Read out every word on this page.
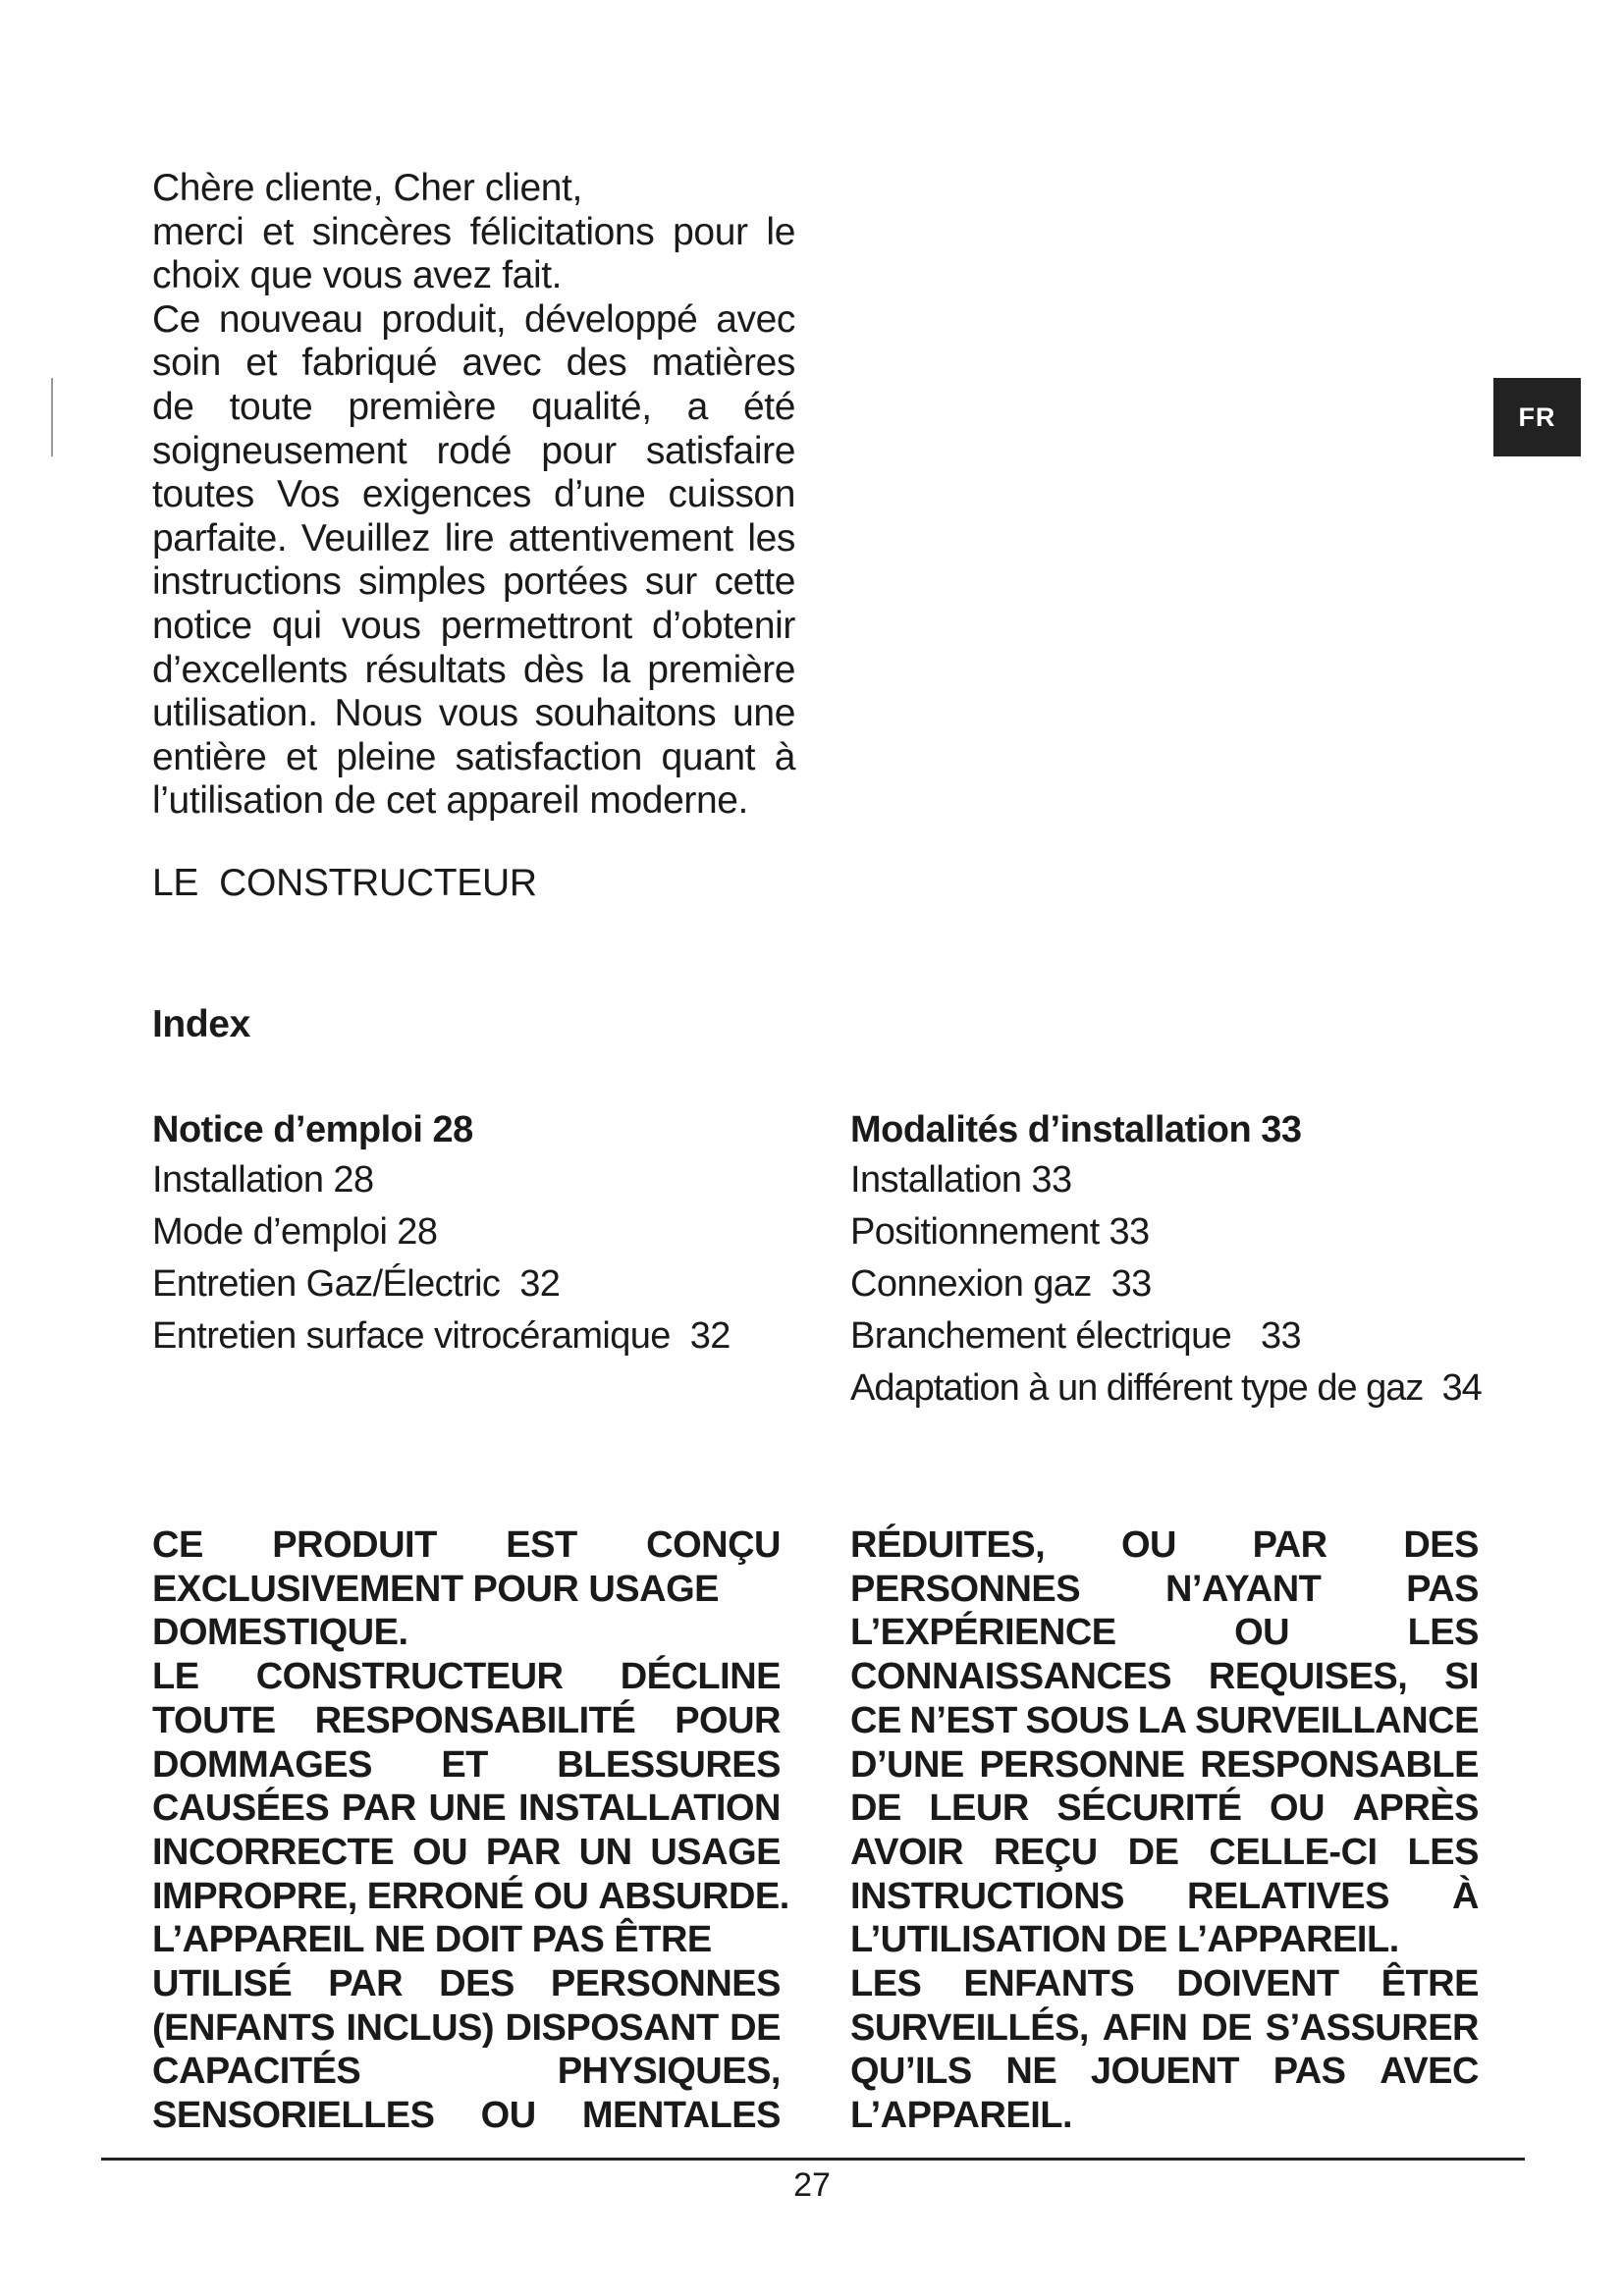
FR
Chère cliente, Cher client,
merci et sincères félicitations pour le
choix que vous avez fait.
Ce nouveau produit, développé avec
soin et fabriqué avec des matières
de toute première qualité, a été
soigneusement rodé pour satisfaire
toutes Vos exigences d’une cuisson
parfaite. Veuillez lire attentivement les
instructions simples portées sur cette
notice qui vous permettront d’obtenir
d’excellents résultats dès la première
utilisation. Nous vous souhaitons une
entière et pleine satisfaction quant à
l’utilisation de cet appareil moderne.
LE  CONSTRUCTEUR
Index
Notice d’emploi 28
Installation 28
Mode d’emploi 28
Entretien Gaz/Électric  32
Entretien surface vitrocéramique  32
Modalités d’installation 33
Installation 33
Positionnement 33
Connexion gaz  33
Branchement électrique   33
Adaptation à un différent type de gaz  34
CE PRODUIT EST CONÇU
EXCLUSIVEMENT POUR USAGE
DOMESTIQUE.
LE CONSTRUCTEUR DÉCLINE
TOUTE RESPONSABILITÉ POUR
DOMMAGES ET BLESSURES
CAUSÉES PAR UNE INSTALLATION
INCORRECTE OU PAR UN USAGE
IMPROPRE, ERRONÉ OU ABSURDE.
L’APPAREIL NE DOIT PAS ÊTRE
UTILISÉ PAR DES PERSONNES
(ENFANTS INCLUS) DISPOSANT DE
CAPACITÉS	PHYSIQUES,
SENSORIELLES OU MENTALES
RÉDUITES, OU PAR DES
PERSONNES N’AYANT PAS
L’EXPÉRIENCE	OU	LES
CONNAISSANCES REQUISES, SI
CE N’EST SOUS LA SURVEILLANCE
D’UNE PERSONNE RESPONSABLE
DE LEUR SÉCURITÉ OU APRÈS
AVOIR REÇU DE CELLE-CI LES
INSTRUCTIONS RELATIVES À
L’UTILISATION DE L’APPAREIL.
LES ENFANTS DOIVENT ÊTRE
SURVEILLÉS, AFIN DE S’ASSURER
QU’ILS NE JOUENT PAS AVEC
L’APPAREIL.
27
